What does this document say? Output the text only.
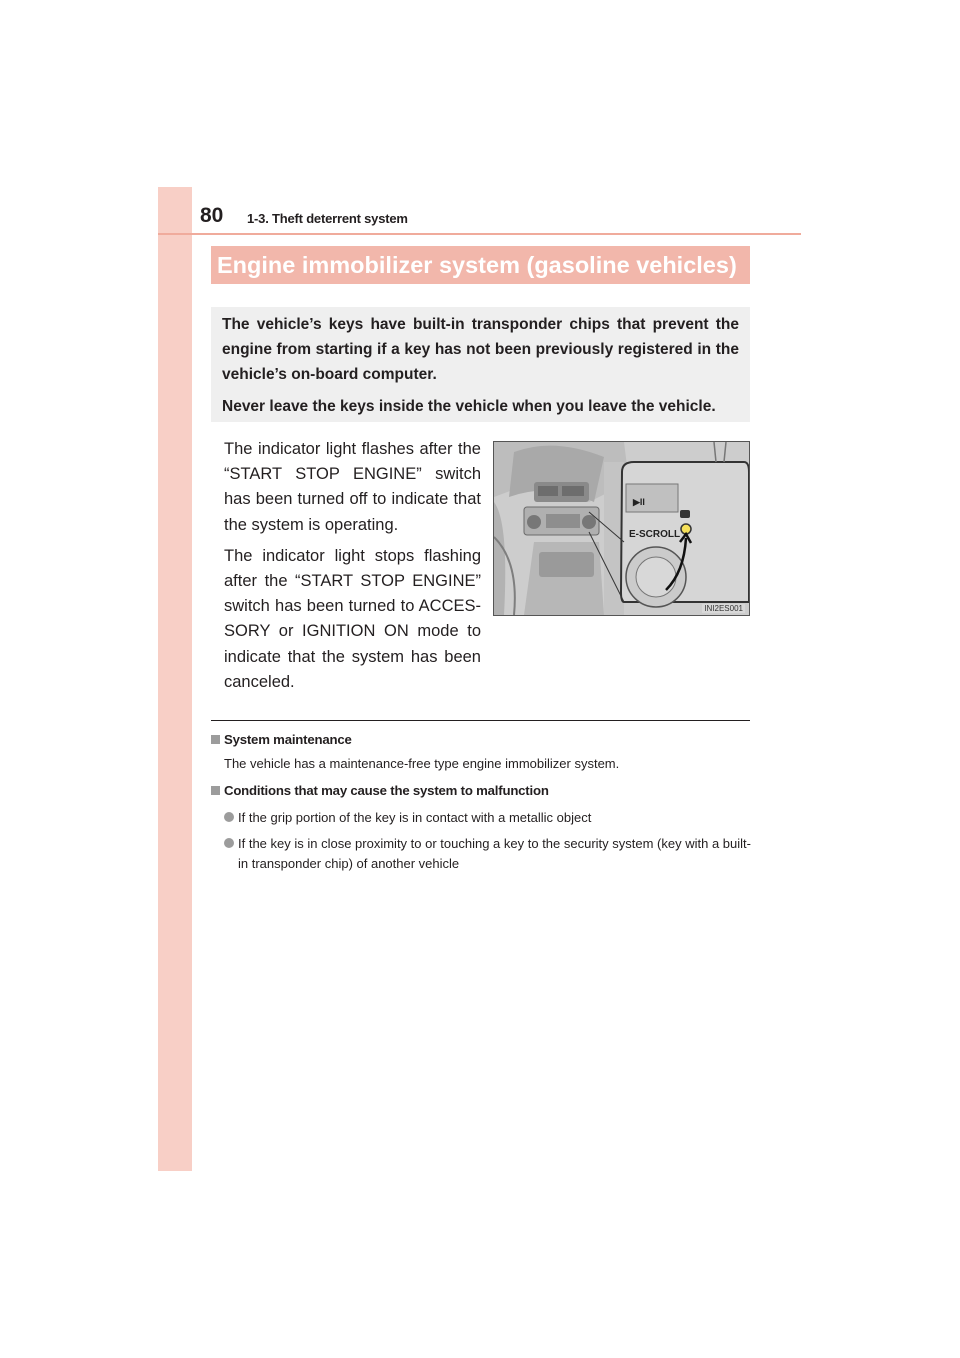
80 1-3. Theft deterrent system
Engine immobilizer system (gasoline vehicles)

The vehicle’s keys have built-in transponder chips that prevent the engine from starting if a key has not been previously registered in the vehicle’s on-board computer.

Never leave the keys inside the vehicle when you leave the vehicle.

The indicator light flashes after the “START STOP ENGINE” switch has been turned off to indicate that the system is operating.

The indicator light stops flashing after the “START STOP ENGINE” switch has been turned to ACCES-SORY or IGNITION ON mode to indicate that the system has been canceled.

▶II
E-SCROLL
INI2ES001
System maintenance
The vehicle has a maintenance-free type engine immobilizer system.
Conditions that may cause the system to malfunction
If the grip portion of the key is in contact with a metallic object
If the key is in close proximity to or touching a key to the security system (key with a built-in transponder chip) of another vehicle
